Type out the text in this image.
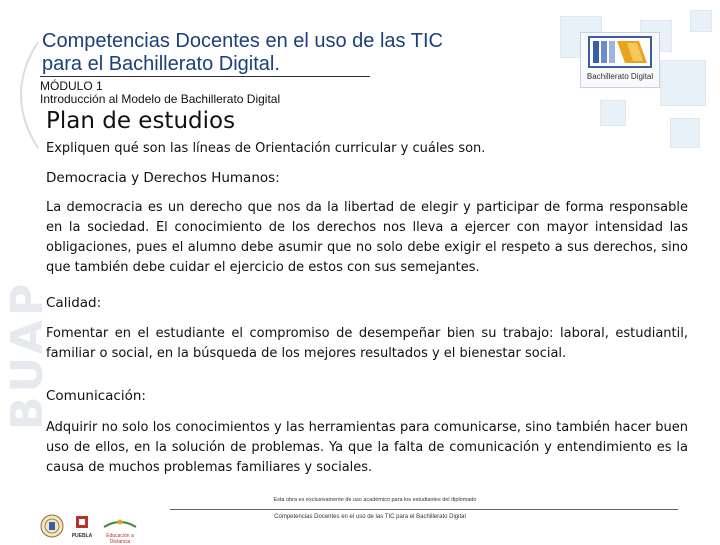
BUAP
Competencias Docentes en el uso de las TIC
para el Bachillerato Digital.
Bachillerato Digital
MÓDULO 1
Introducción al Modelo de Bachillerato Digital
Plan de estudios
Expliquen qué son las líneas de Orientación curricular y cuáles son.
Democracia y Derechos Humanos:
La democracia es un derecho que nos da la libertad de elegir y participar de forma responsable en la sociedad. El conocimiento de los derechos nos lleva a ejercer con mayor intensidad las obligaciones, pues el alumno debe asumir que no solo debe exigir el respeto a sus derechos, sino que también debe cuidar el ejercicio de estos con sus semejantes.
Calidad:
Fomentar en el estudiante el compromiso de desempeñar bien su trabajo: laboral, estudiantil, familiar o social, en la búsqueda de los mejores resultados y el bienestar social.
Comunicación:
Adquirir no solo los conocimientos y las herramientas para comunicarse, sino también hacer buen uso de ellos, en la solución de problemas. Ya que la falta de comunicación y entendimiento es la causa de muchos problemas familiares y sociales.
Esta obra es exclusivamente de uso académico para los estudiantes del diplomado
Competencias Docentes en el uso de las TIC para el Bachillerato Digital
PUEBLA	Educación a Distancia
